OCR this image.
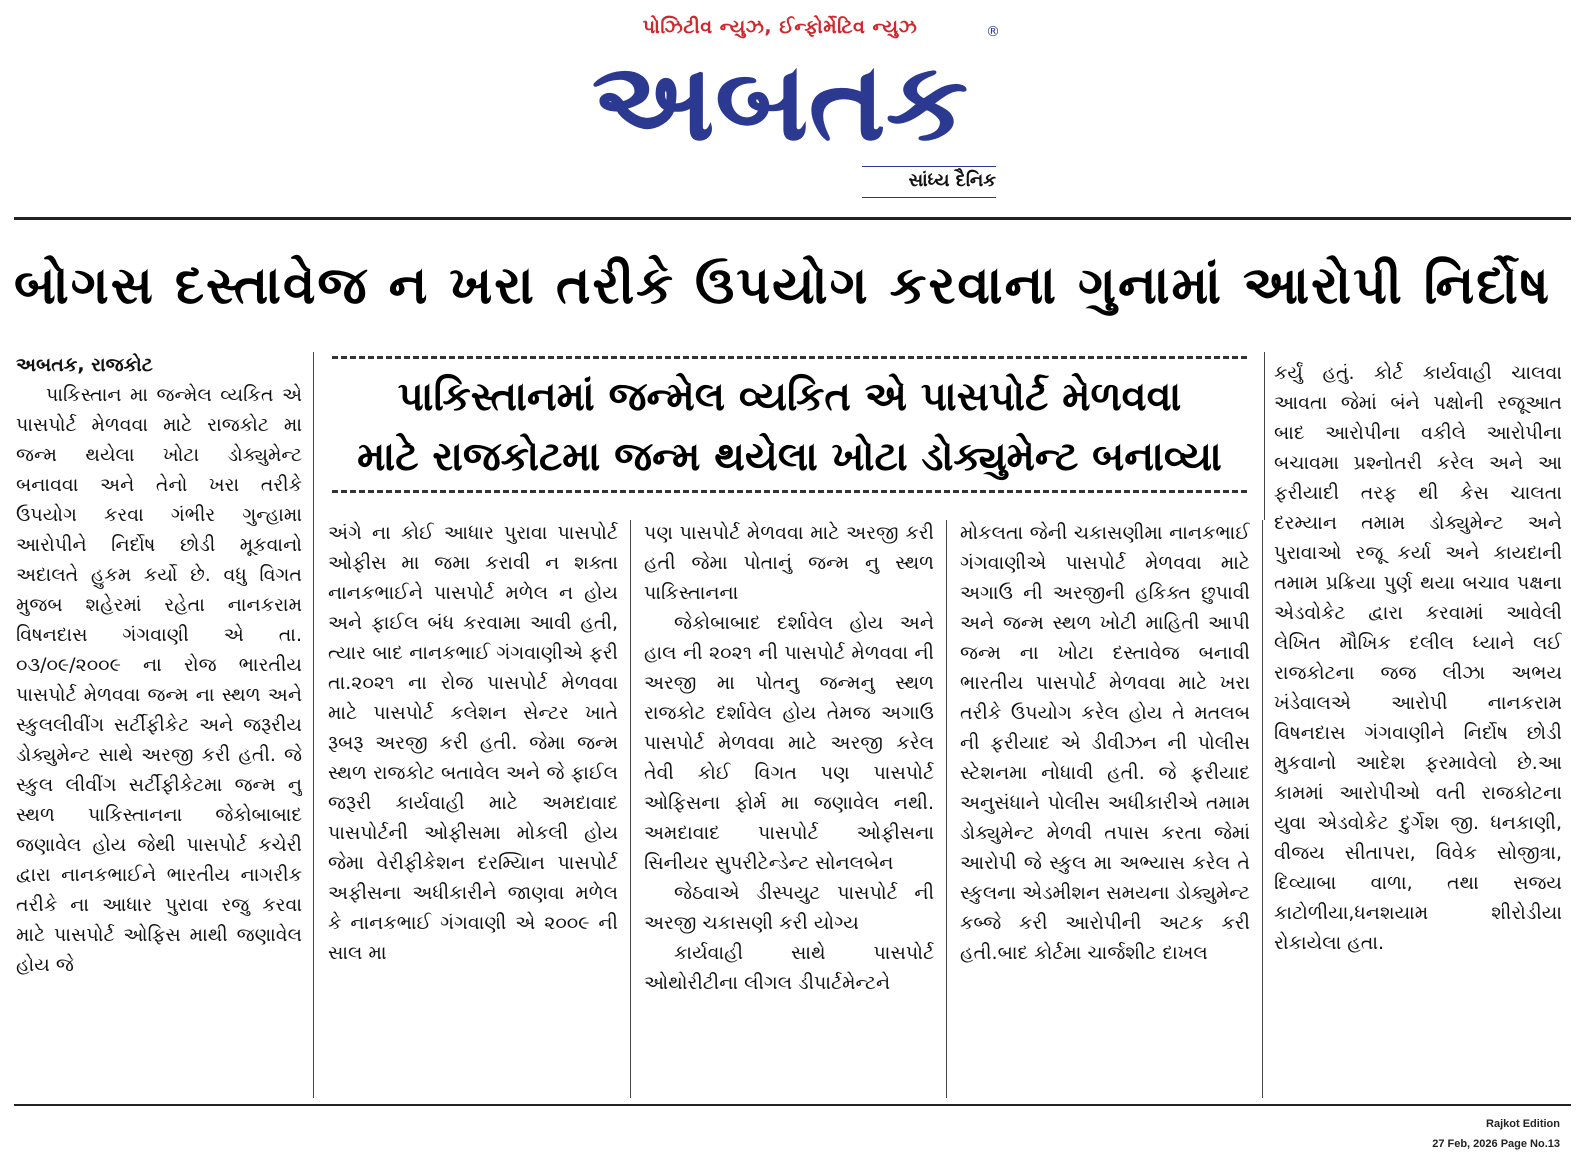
પોઝિટીવ ન્યુઝ, ઈન્ફોર્મેટિવ ન્યુઝ
અબતક
®
સાંધ્ય દૈનિક
બોગસ દસ્તાવેજ ન ખરા તરીકે ઉપયોગ કરવાના ગુનામાં આરોપી નિર્દોષ
પાકિસ્તાનમાં જન્મેલ વ્યકિત એ પાસપોર્ટ મેળવવા
માટે રાજકોટમા જન્મ થયેલા ખોટા ડોક્યુમેન્ટ બનાવ્યા

અબતક, રાજકોટ

પાકિસ્તાન મા જન્મેલ વ્યકિત એ પાસપોર્ટ મેળવવા માટે રાજકોટ મા જન્મ થયેલા ખોટા ડોક્યુમેન્ટ બનાવવા અને તેનો ખરા તરીકે ઉપયોગ કરવા ગંભીર ગુન્હામા આરોપીને નિર્દોષ છોડી મૂકવાનો અદાલતે હુકમ કર્યો છે. વધુ વિગત મુજબ શહેરમાં રહેતા નાનકરામ વિષનદાસ ગંગવાણી એ તા. ૦૩/૦૯/૨૦૦૯ ના રોજ ભારતીય પાસપોર્ટ મેળવવા જન્મ ના સ્થળ અને સ્કુલલીવીંગ સર્ટીફીકેટ અને જરૂરીય ડોક્યુમેન્ટ સાથે અરજી કરી હતી. જે સ્કુલ લીવીંગ સર્ટીફીકેટમા જન્મ નુ સ્થળ પાકિસ્તાનના જેકોબાબાદ જણાવેલ હોય જેથી પાસપોર્ટ કચેરી દ્વારા નાનકભાઈને ભારતીય નાગરીક તરીકે ના આધાર પુરાવા રજુ કરવા માટે પાસપોર્ટ ઓફિસ માથી જણાવેલ હોય જે

અંગે ના કોઈ આધાર પુરાવા પાસપોર્ટ ઓફીસ મા જમા કરાવી ન શક્તા નાનકભાઈને પાસપોર્ટ મળેલ ન હોય અને ફાઈલ બંધ કરવામા આવી હતી, ત્યાર બાદ નાનકભાઈ ગંગવાણીએ ફરી તા.૨૦૨૧ ના રોજ પાસપોર્ટ મેળવવા માટે પાસપોર્ટ કલેશન સેન્ટર ખાતે રૂબરૂ અરજી કરી હતી. જેમા જન્મ સ્થળ રાજકોટ બતાવેલ અને જે ફાઈલ જરૂરી કાર્યવાહી માટે અમદાવાદ પાસપોર્ટની ઓફીસમા મોકલી હોય જેમા વેરીફીકેશન દરમ્યિાન પાસપોર્ટ અફીસના અધીકારીને જાણવા મળેલ કે નાનકભાઈ ગંગવાણી એ ૨૦૦૯ ની સાલ મા

પણ પાસપોર્ટ મેળવવા માટે અરજી કરી હતી જેમા પોતાનું જન્મ નુ સ્થળ પાકિસ્તાનના

જેકોબાબાદ દર્શાવેલ હોય અને હાલ ની ૨૦૨૧ ની પાસપોર્ટ મેળવવા ની અરજી મા પોતનુ જન્મનુ સ્થળ રાજકોટ દર્શાવેલ હોય તેમજ અગાઉ પાસપોર્ટ મેળવવા માટે અરજી કરેલ તેવી કોઈ વિગત પણ પાસપોર્ટ ઓફિસના ફોર્મ મા જણાવેલ નથી. અમદાવાદ પાસપોર્ટ ઓફીસના સિનીયર સુપરીટેન્ડેન્ટ સોનલબેન

જેઠવાએ ડીસ્પયુટ પાસપોર્ટ ની અરજી ચકાસણી કરી યોગ્ય

કાર્યવાહી સાથે પાસપોર્ટ ઓથોરીટીના લીગલ ડીપાર્ટમેન્ટને

મોકલતા જેની ચકાસણીમા નાનકભાઈ ગંગવાણીએ પાસપોર્ટ મેળવવા માટે અગાઉ ની અરજીની હકિક્ત છુપાવી અને જન્મ સ્થળ ખોટી માહિતી આપી જન્મ ના ખોટા દસ્તાવેજ બનાવી ભારતીય પાસપોર્ટ મેળવવા માટે ખરા તરીકે ઉપયોગ કરેલ હોય તે મતલબ ની ફરીયાદ એ ડીવીઝન ની પોલીસ સ્ટેશનમા નોધાવી હતી. જે ફરીયાદ અનુસંધાને પોલીસ અધીકારીએ તમામ ડોક્યુમેન્ટ મેળવી તપાસ કરતા જેમાં આરોપી જે સ્કુલ મા અભ્યાસ કરેલ તે સ્કુલના એડમીશન સમયના ડોક્યુમેન્ટ કબ્જે કરી આરોપીની અટક કરી હતી.બાદ કોર્ટમા ચાર્જશીટ દાખલ

કર્યું હતું. કોર્ટ કાર્યવાહી ચાલવા આવતા જેમાં બંને પક્ષોની રજૂઆત બાદ આરોપીના વકીલે આરોપીના બચાવમા પ્રશ્નોતરી કરેલ અને આ ફરીયાદી તરફ થી કેસ ચાલતા દરમ્યાન તમામ ડોક્યુમેન્ટ અને પુરાવાઓ રજૂ કર્યા અને કાયદાની તમામ પ્રક્રિયા પુર્ણ થયા બચાવ પક્ષના એડવોકેટ દ્વારા કરવામાં આવેલી લેખિત મૌખિક દલીલ ધ્યાને લઈ રાજકોટના જજ લીઝા અભય ખંડેવાલએ આરોપી નાનકરામ વિષનદાસ ગંગવાણીને નિર્દોષ છોડી મુકવાનો આદેશ ફરમાવેલો છે.આ કામમાં આરોપીઓ વતી રાજકોટના યુવા એડવોકેટ દુર્ગેશ જી. ધનકાણી, વીજય સીતાપરા, વિવેક સોજીત્રા, દિવ્યાબા વાળા, તથા સજય કાટોળીયા,ધનશયામ શીરોડીયા રોકાયેલા હતા.

Rajkot Edition
27 Feb, 2026 Page No.13
